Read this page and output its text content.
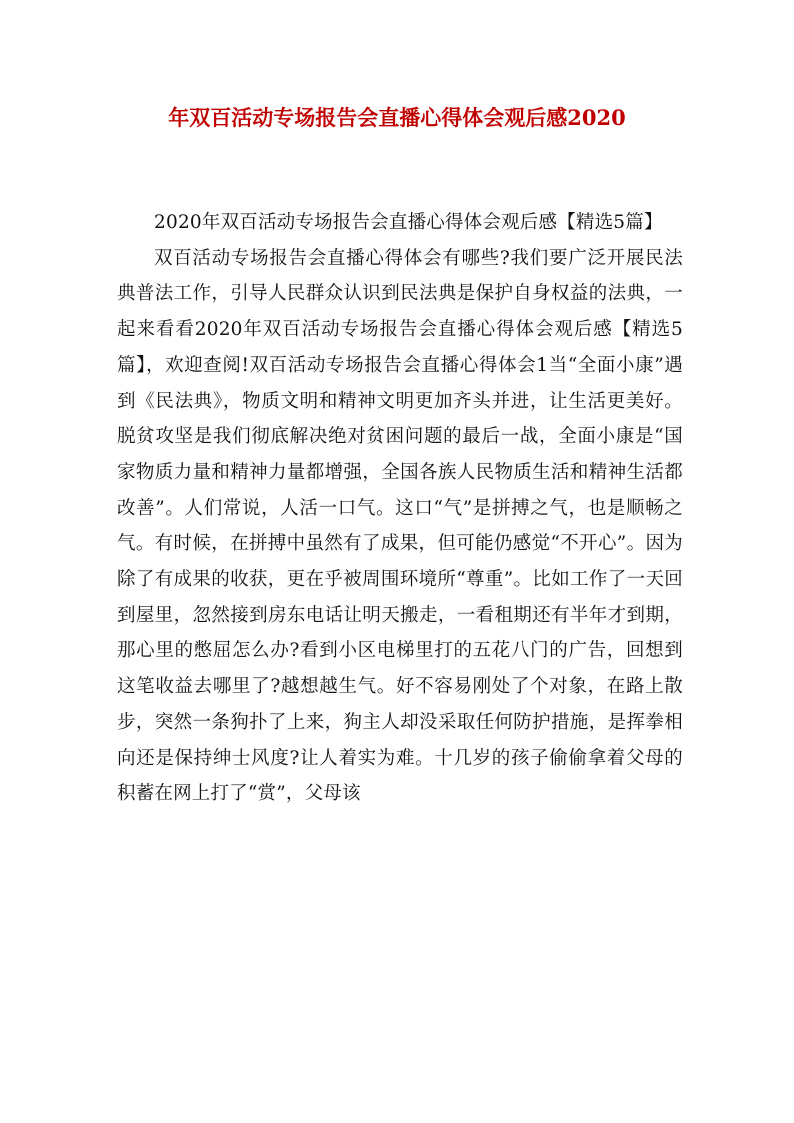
年双百活动专场报告会直播心得体会观后感2020

2020年双百活动专场报告会直播心得体会观后感【精选5篇】

双百活动专场报告会直播心得体会有哪些?我们要广泛开展民法典普法工作，引导人民群众认识到民法典是保护自身权益的法典，一起来看看2020年双百活动专场报告会直播心得体会观后感【精选5篇】，欢迎查阅!双百活动专场报告会直播心得体会1当“全面小康”遇到《民法典》，物质文明和精神文明更加齐头并进，让生活更美好。脱贫攻坚是我们彻底解决绝对贫困问题的最后一战，全面小康是“国家物质力量和精神力量都增强，全国各族人民物质生活和精神生活都改善”。人们常说，人活一口气。这口“气”是拼搏之气，也是顺畅之气。有时候，在拼搏中虽然有了成果，但可能仍感觉“不开心”。因为除了有成果的收获，更在乎被周围环境所“尊重”。比如工作了一天回到屋里，忽然接到房东电话让明天搬走，一看租期还有半年才到期，那心里的憋屈怎么办?看到小区电梯里打的五花八门的广告，回想到这笔收益去哪里了?越想越生气。好不容易刚处了个对象，在路上散步，突然一条狗扑了上来，狗主人却没采取任何防护措施，是挥拳相向还是保持绅士风度?让人着实为难。十几岁的孩子偷偷拿着父母的积蓄在网上打了“赏”，父母该
